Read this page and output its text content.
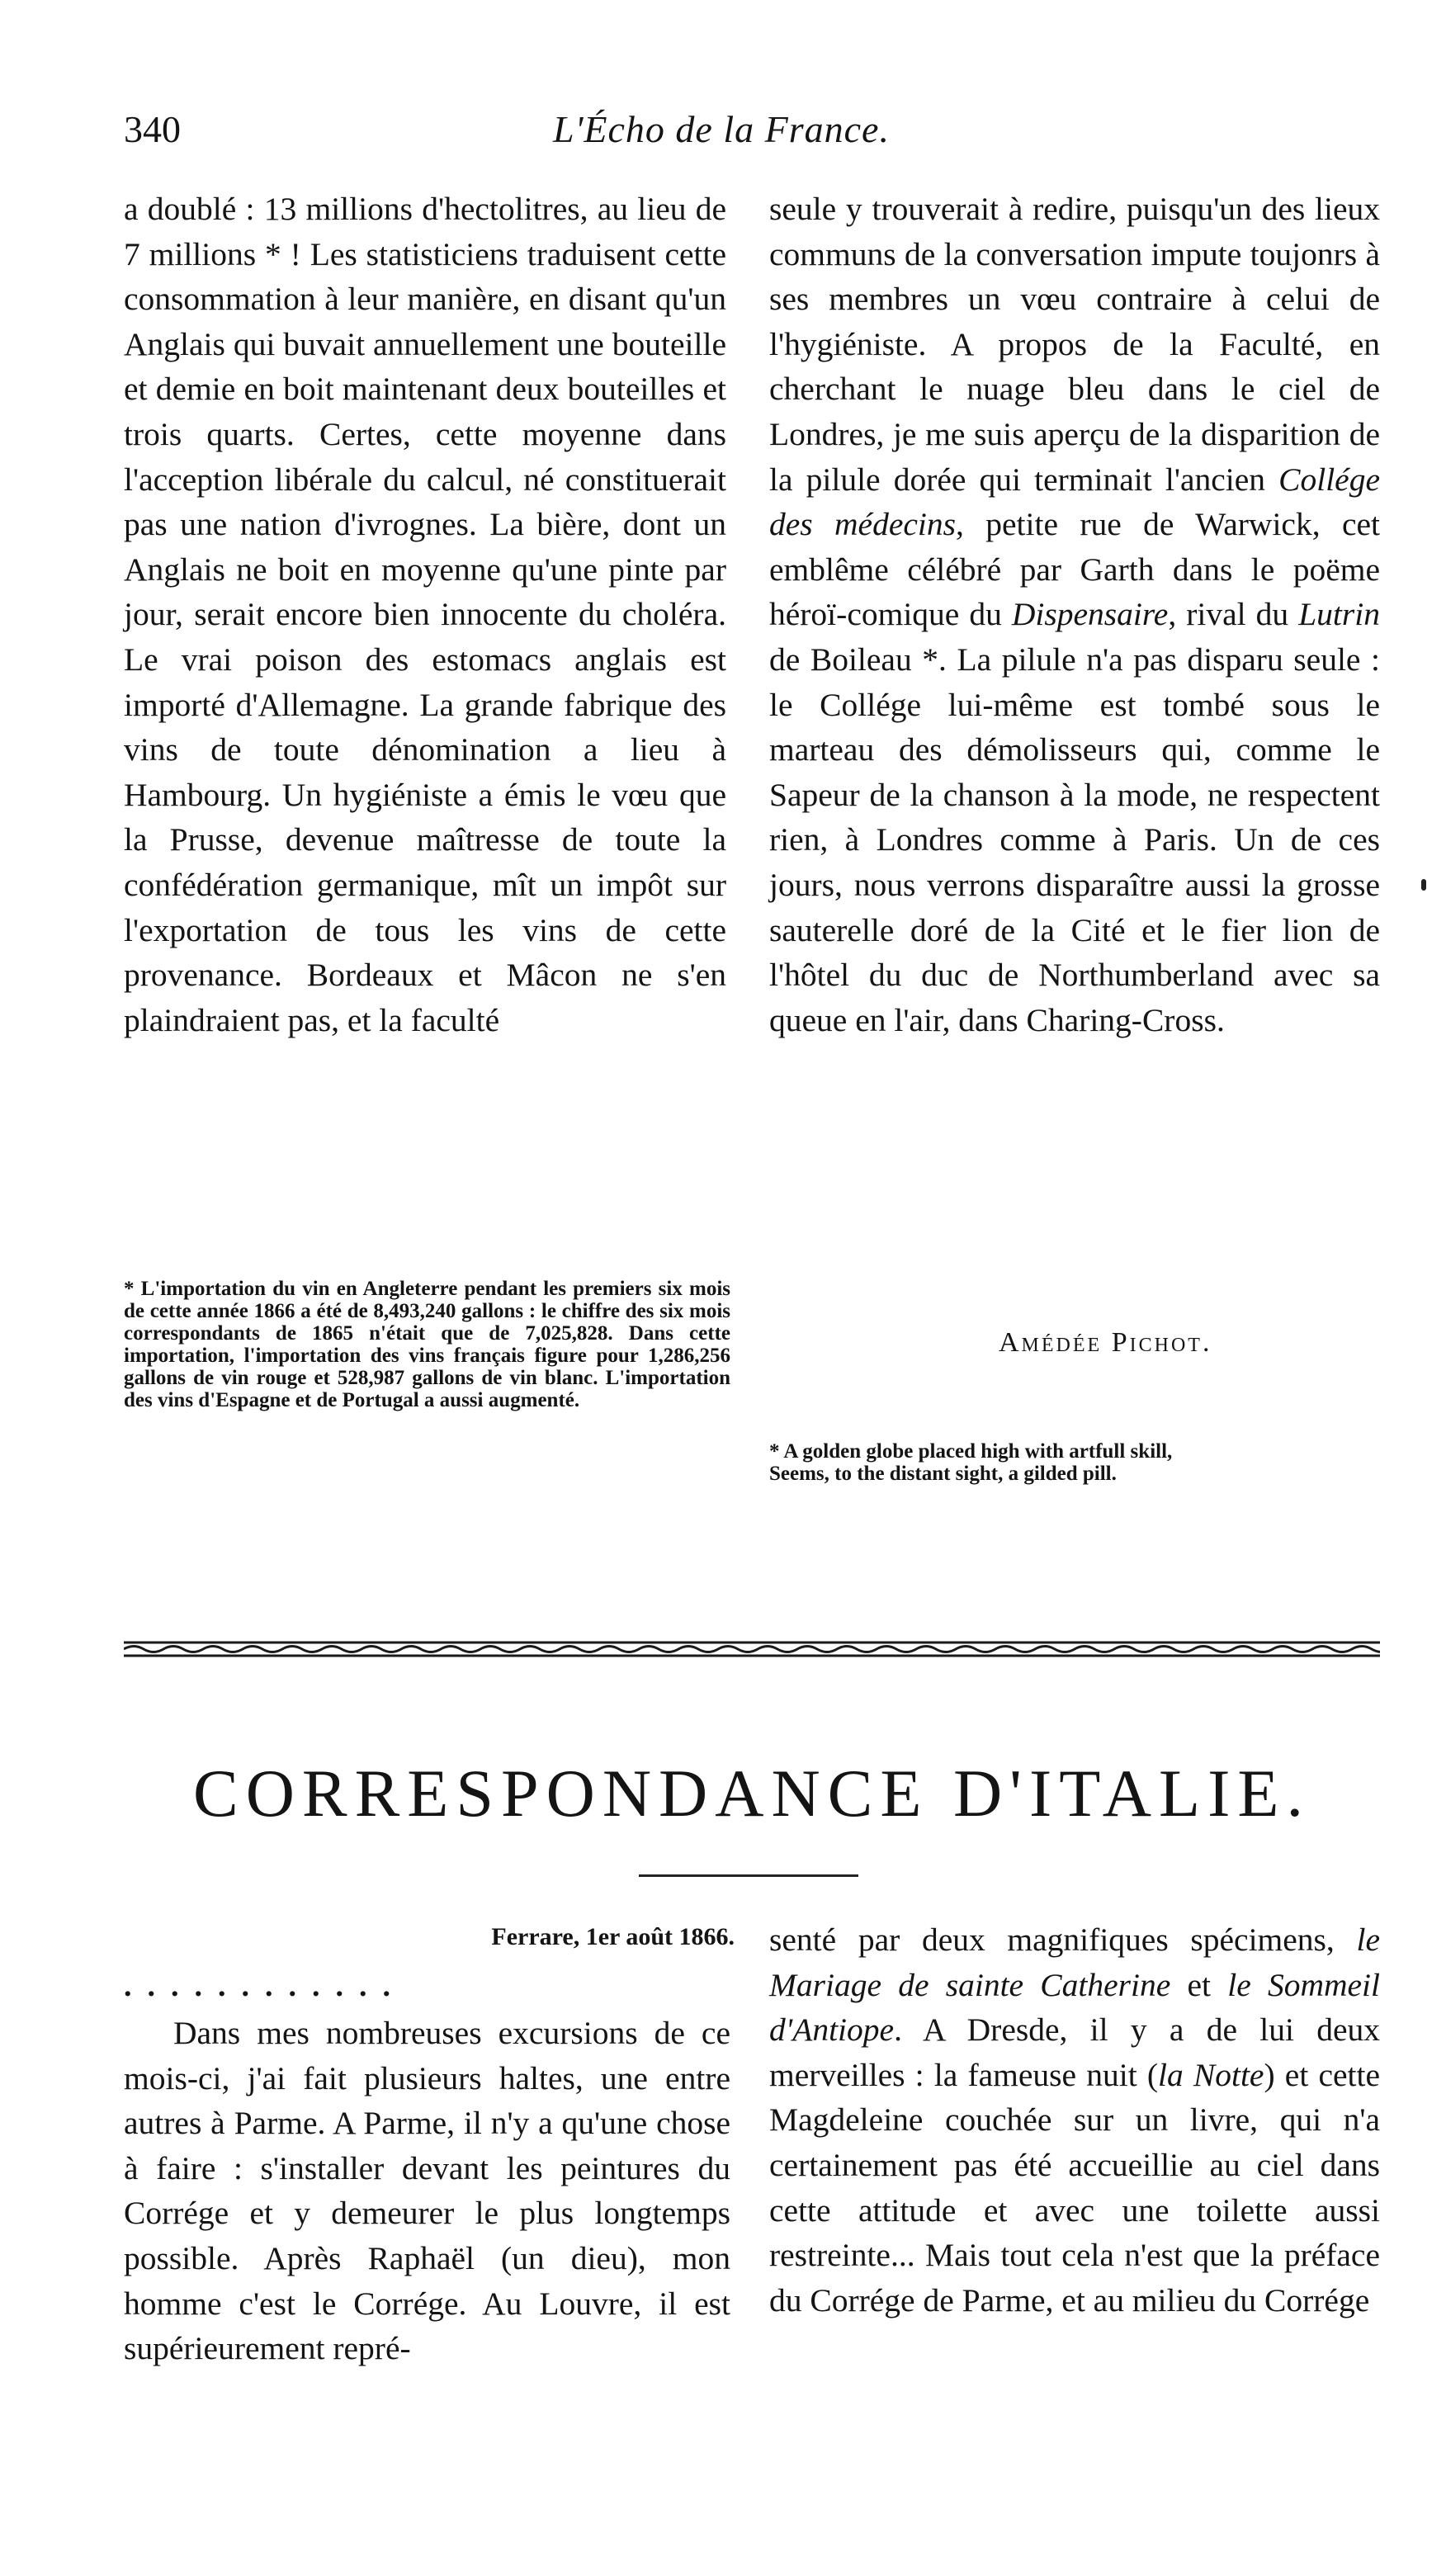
340	L'Écho de la France.

a doublé : 13 millions d'hectolitres, au lieu de 7 millions * ! Les statisticiens traduisent cette consommation à leur manière, en disant qu'un Anglais qui buvait annuellement une bouteille et demie en boit maintenant deux bouteilles et trois quarts. Certes, cette moyenne dans l'acception libérale du calcul, né constituerait pas une nation d'ivrognes. La bière, dont un Anglais ne boit en moyenne qu'une pinte par jour, serait encore bien innocente du choléra. Le vrai poison des estomacs anglais est importé d'Allemagne. La grande fabrique des vins de toute dénomination a lieu à Hambourg. Un hygiéniste a émis le vœu que la Prusse, devenue maîtresse de toute la confédération germanique, mît un impôt sur l'exportation de tous les vins de cette provenance. Bordeaux et Mâcon ne s'en plaindraient pas, et la faculté

seule y trouverait à redire, puisqu'un des lieux communs de la conversation impute toujonrs à ses membres un vœu contraire à celui de l'hygiéniste. A propos de la Faculté, en cherchant le nuage bleu dans le ciel de Londres, je me suis aperçu de la disparition de la pilule dorée qui terminait l'ancien Collége des médecins, petite rue de Warwick, cet emblême célébré par Garth dans le poëme héroï-comique du Dispensaire, rival du Lutrin de Boileau *. La pilule n'a pas disparu seule : le Collége lui-même est tombé sous le marteau des démolisseurs qui, comme le Sapeur de la chanson à la mode, ne respectent rien, à Londres comme à Paris. Un de ces jours, nous verrons disparaître aussi la grosse sauterelle doré de la Cité et le fier lion de l'hôtel du duc de Northumberland avec sa queue en l'air, dans Charing-Cross.

* L'importation du vin en Angleterre pendant les premiers six mois de cette année 1866 a été de 8,493,240 gallons : le chiffre des six mois correspondants de 1865 n'était que de 7,025,828. Dans cette importation, l'importation des vins français figure pour 1,286,256 gallons de vin rouge et 528,987 gallons de vin blanc. L'importation des vins d'Espagne et de Portugal a aussi augmenté.
Amédée Pichot.
* A golden globe placed high with artfull skill,
Seems, to the distant sight, a gilded pill.
CORRESPONDANCE D'ITALIE.
Ferrare, 1er août 1866.
............

Dans mes nombreuses excursions de ce mois-ci, j'ai fait plusieurs haltes, une entre autres à Parme. A Parme, il n'y a qu'une chose à faire : s'installer devant les peintures du Corrége et y demeurer le plus longtemps possible. Après Raphaël (un dieu), mon homme c'est le Corrége. Au Louvre, il est supérieurement repré-

senté par deux magnifiques spécimens, le Mariage de sainte Catherine et le Sommeil d'Antiope. A Dresde, il y a de lui deux merveilles : la fameuse nuit (la Notte) et cette Magdeleine couchée sur un livre, qui n'a certainement pas été accueillie au ciel dans cette attitude et avec une toilette aussi restreinte... Mais tout cela n'est que la préface du Corrége de Parme, et au milieu du Corrége
